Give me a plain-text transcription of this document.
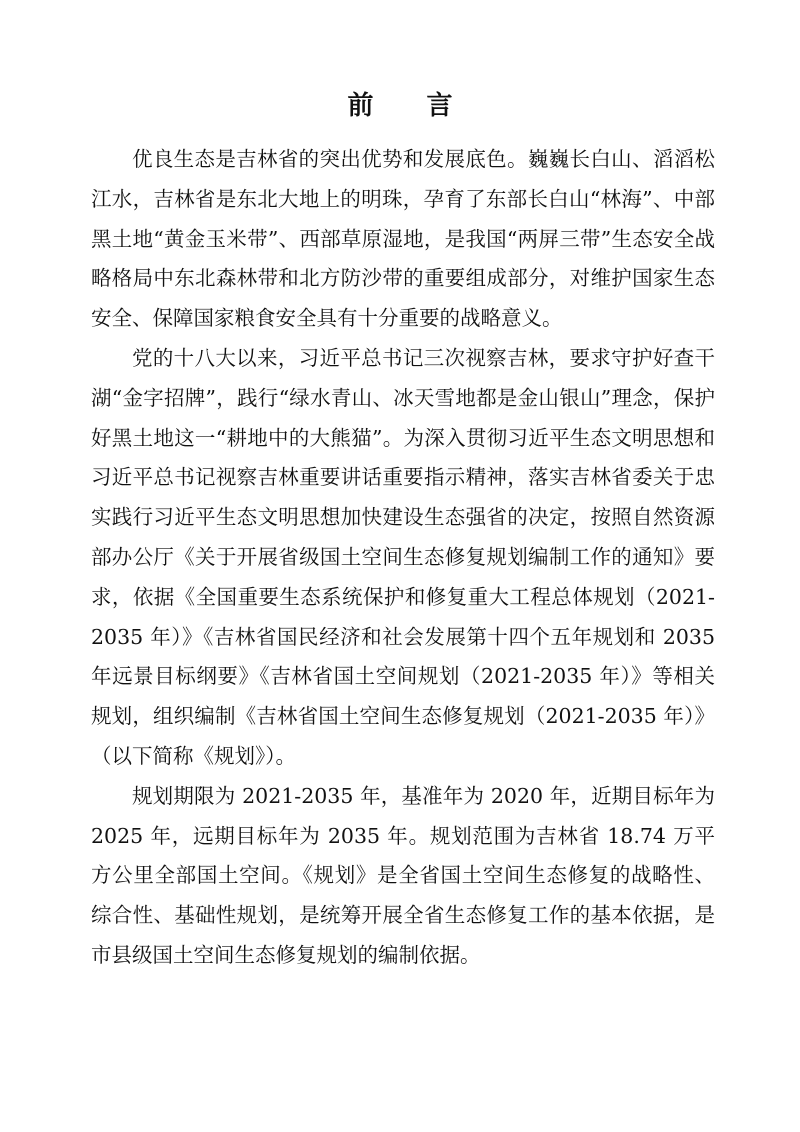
前 言

优良生态是吉林省的突出优势和发展底色。巍巍长白山、滔滔松江水，吉林省是东北大地上的明珠，孕育了东部长白山“林海”、中部黑土地“黄金玉米带”、西部草原湿地，是我国“两屏三带”生态安全战略格局中东北森林带和北方防沙带的重要组成部分，对维护国家生态安全、保障国家粮食安全具有十分重要的战略意义。

党的十八大以来，习近平总书记三次视察吉林，要求守护好查干湖“金字招牌”，践行“绿水青山、冰天雪地都是金山银山”理念，保护好黑土地这一“耕地中的大熊猫”。为深入贯彻习近平生态文明思想和习近平总书记视察吉林重要讲话重要指示精神，落实吉林省委关于忠实践行习近平生态文明思想加快建设生态强省的决定，按照自然资源部办公厅《关于开展省级国土空间生态修复规划编制工作的通知》要求，依据《全国重要生态系统保护和修复重大工程总体规划（2021-2035 年）》《吉林省国民经济和社会发展第十四个五年规划和 2035 年远景目标纲要》《吉林省国土空间规划（2021-2035 年）》等相关规划，组织编制《吉林省国土空间生态修复规划（2021-2035 年）》（以下简称《规划》）。

规划期限为 2021-2035 年，基准年为 2020 年，近期目标年为 2025 年，远期目标年为 2035 年。规划范围为吉林省 18.74 万平方公里全部国土空间。《规划》是全省国土空间生态修复的战略性、综合性、基础性规划，是统筹开展全省生态修复工作的基本依据，是市县级国土空间生态修复规划的编制依据。
